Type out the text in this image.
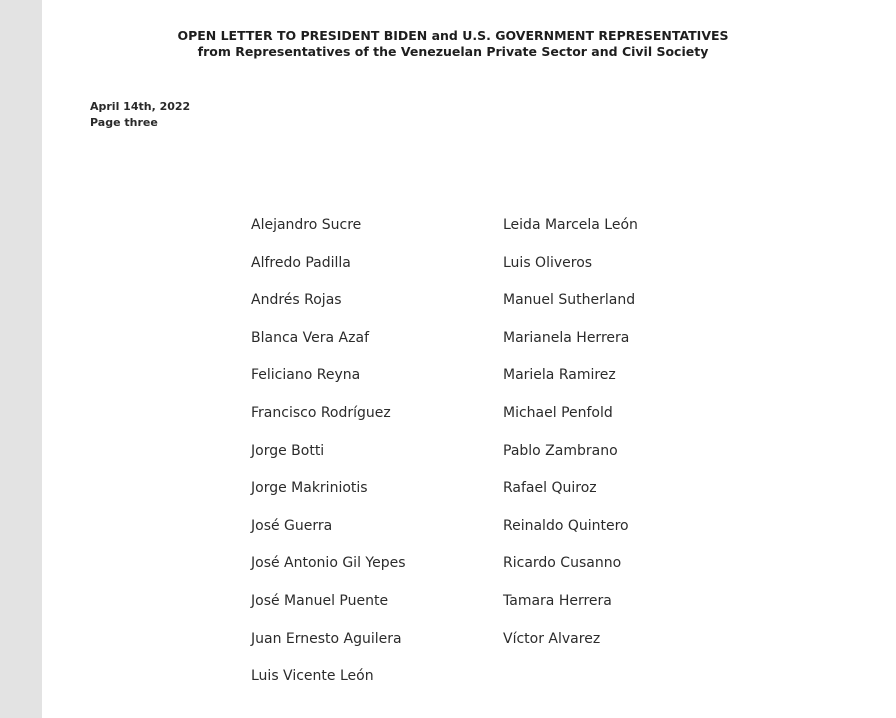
OPEN LETTER TO PRESIDENT BIDEN and U.S. GOVERNMENT REPRESENTATIVES
from Representatives of the Venezuelan Private Sector and Civil Society
April 14th, 2022
Page three
Alejandro Sucre
Alfredo Padilla
Andrés Rojas
Blanca Vera Azaf
Feliciano Reyna
Francisco Rodríguez
Jorge Botti
Jorge Makriniotis
José Guerra
José Antonio Gil Yepes
José Manuel Puente
Juan Ernesto Aguilera
Luis Vicente León
Leida Marcela León
Luis Oliveros
Manuel Sutherland
Marianela Herrera
Mariela Ramirez
Michael Penfold
Pablo Zambrano
Rafael Quiroz
Reinaldo Quintero
Ricardo Cusanno
Tamara Herrera
Víctor Alvarez
